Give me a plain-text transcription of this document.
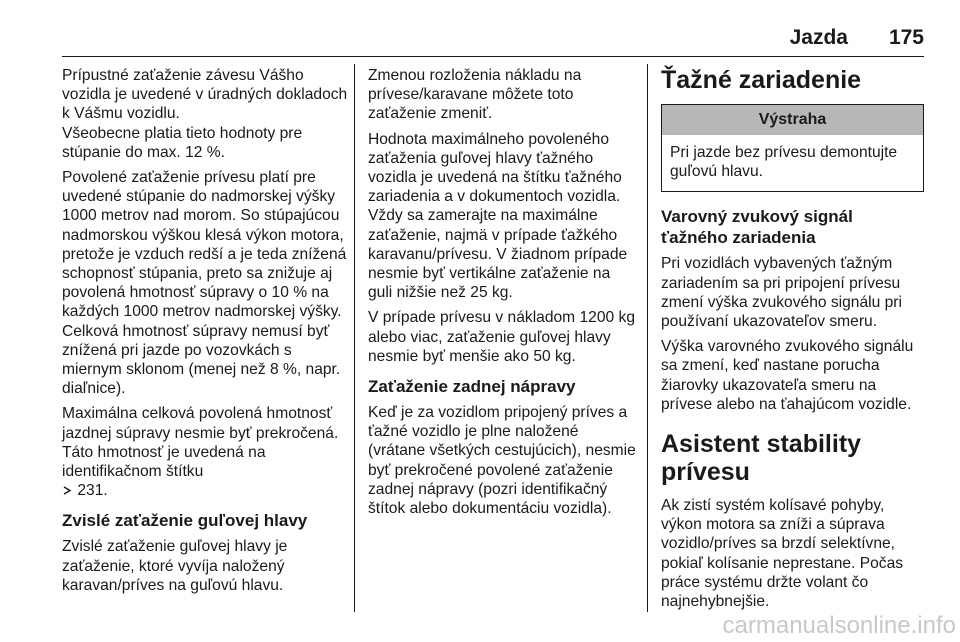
Jazda 175

Prípustné zaťaženie závesu Vášho vozidla je uvedené v úradných dokladoch k Vášmu vozidlu.

Všeobecne platia tieto hodnoty pre stúpanie do max. 12 %.

Povolené zaťaženie prívesu platí pre uvedené stúpanie do nadmorskej výšky 1000 metrov nad morom. So stúpajúcou nadmorskou výškou klesá výkon motora, pretože je vzduch redší a je teda znížená schopnosť stúpania, preto sa znižuje aj povolená hmotnosť súpravy o 10 % na každých 1000 metrov nadmorskej výšky.

Celková hmotnosť súpravy nemusí byť znížená pri jazde po vozovkách s miernym sklonom (menej než 8 %, napr. diaľnice).

Maximálna celková povolená hmotnosť jazdnej súpravy nesmie byť prekročená. Táto hmotnosť je uvedená na identifikačnom štítku
231.

Zvislé zaťaženie guľovej hlavy

Zvislé zaťaženie guľovej hlavy je zaťaženie, ktoré vyvíja naložený karavan/príves na guľovú hlavu.

Zmenou rozloženia nákladu na prívese/karavane môžete toto zaťaženie zmeniť.

Hodnota maximálneho povoleného zaťaženia guľovej hlavy ťažného vozidla je uvedená na štítku ťažného zariadenia a v dokumentoch vozidla. Vždy sa zamerajte na maximálne zaťaženie, najmä v prípade ťažkého karavanu/prívesu. V žiadnom prípade nesmie byť vertikálne zaťaženie na guli nižšie než 25 kg.

V prípade prívesu v nákladom 1200 kg alebo viac, zaťaženie guľovej hlavy nesmie byť menšie ako 50 kg.

Zaťaženie zadnej nápravy

Keď je za vozidlom pripojený príves a ťažné vozidlo je plne naložené (vrátane všetkých cestujúcich), nesmie byť prekročené povolené zaťaženie zadnej nápravy (pozri identifikačný štítok alebo dokumentáciu vozidla).

Ťažné zariadenie
Výstraha
Pri jazde bez prívesu demontujte guľovú hlavu.
Varovný zvukový signál ťažného zariadenia

Pri vozidlách vybavených ťažným zariadením sa pri pripojení prívesu zmení výška zvukového signálu pri používaní ukazovateľov smeru.

Výška varovného zvukového signálu sa zmení, keď nastane porucha žiarovky ukazovateľa smeru na prívese alebo na ťahajúcom vozidle.

Asistent stability prívesu

Ak zistí systém kolísavé pohyby, výkon motora sa zníži a súprava vozidlo/príves sa brzdí selektívne, pokiaľ kolísanie neprestane. Počas práce systému držte volant čo najnehybnejšie.

carmanualsonline.info
